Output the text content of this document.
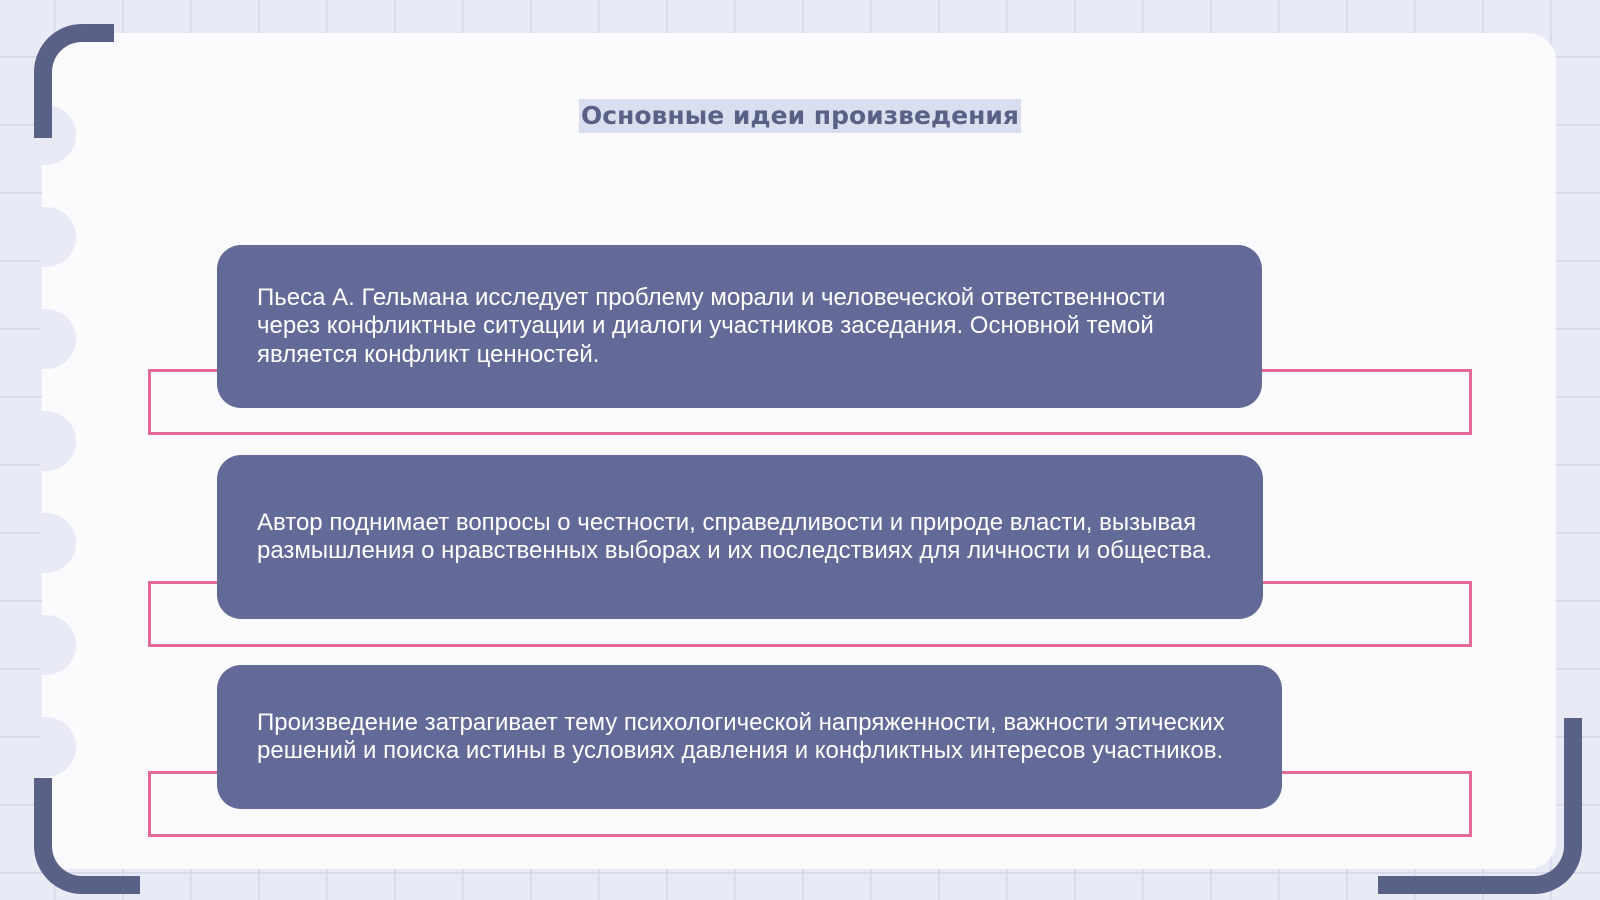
Основные идеи произведения
Пьеса А. Гельмана исследует проблему морали и человеческой ответственности через конфликтные ситуации и диалоги участников заседания. Основной темой является конфликт ценностей.
Автор поднимает вопросы о честности, справедливости и природе власти, вызывая размышления о нравственных выборах и их последствиях для личности и общества.
Произведение затрагивает тему психологической напряженности, важности этических решений и поиска истины в условиях давления и конфликтных интересов участников.
